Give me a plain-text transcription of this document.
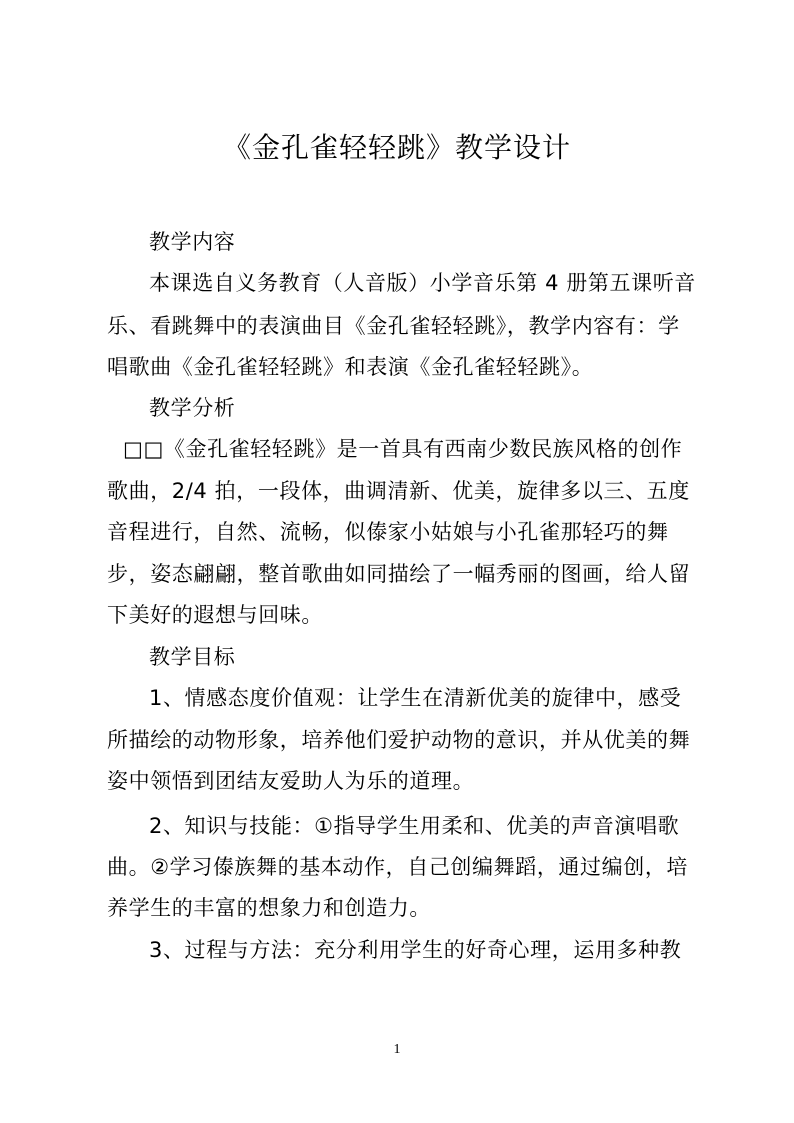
《金孔雀轻轻跳》教学设计
教学内容
本课选自义务教育（人音版）小学音乐第 4 册第五课听音
乐、看跳舞中的表演曲目《金孔雀轻轻跳》，教学内容有：学
唱歌曲《金孔雀轻轻跳》和表演《金孔雀轻轻跳》。
教学分析
□□《金孔雀轻轻跳》是一首具有西南少数民族风格的创作
歌曲，2/4 拍，一段体，曲调清新、优美，旋律多以三、五度
音程进行，自然、流畅，似傣家小姑娘与小孔雀那轻巧的舞
步，姿态翩翩，整首歌曲如同描绘了一幅秀丽的图画，给人留
下美好的遐想与回味。
教学目标
1、情感态度价值观：让学生在清新优美的旋律中，感受
所描绘的动物形象，培养他们爱护动物的意识，并从优美的舞
姿中领悟到团结友爱助人为乐的道理。
2、知识与技能：①指导学生用柔和、优美的声音演唱歌
曲。②学习傣族舞的基本动作，自己创编舞蹈，通过编创，培
养学生的丰富的想象力和创造力。
3、过程与方法：充分利用学生的好奇心理，运用多种教
1
